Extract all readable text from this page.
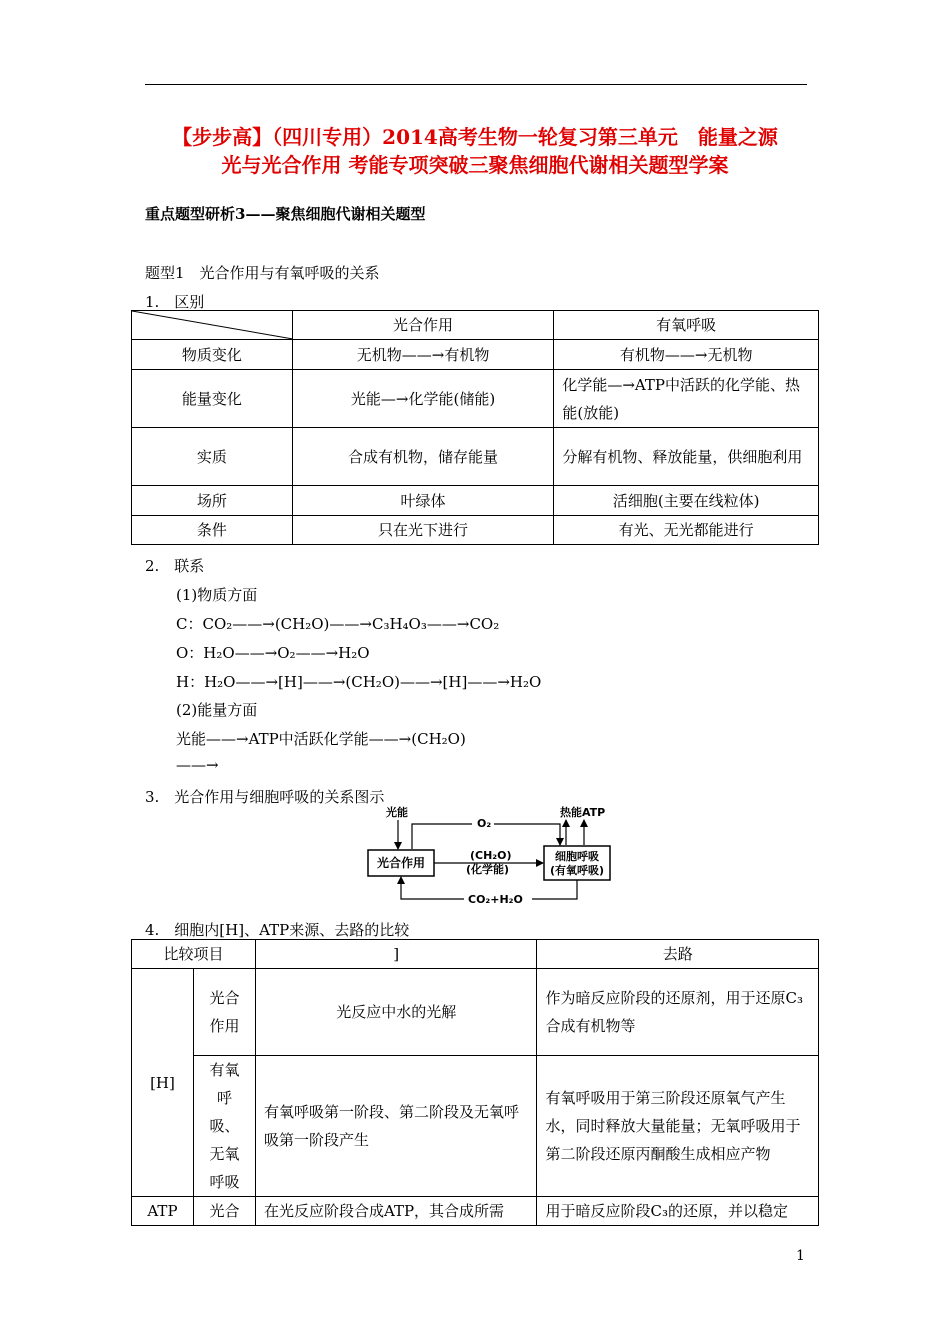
【步步高】（四川专用）2014高考生物一轮复习第三单元　能量之源
光与光合作用 考能专项突破三聚焦细胞代谢相关题型学案
重点题型研析3——聚焦细胞代谢相关题型
题型1　光合作用与有氧呼吸的关系
1.　区别
	光合作用	有氧呼吸
物质变化	无机物——→有机物	有机物——→无机物
能量变化	光能—→化学能(储能)	化学能—→ATP中活跃的化学能、热能(放能)
实质	合成有机物，储存能量	分解有机物、释放能量，供细胞利用
场所	叶绿体	活细胞(主要在线粒体)
条件	只在光下进行	有光、无光都能进行
2.　联系
(1)物质方面
C：CO₂——→(CH₂O)——→C₃H₄O₃——→CO₂
O：H₂O——→O₂——→H₂O
H：H₂O——→[H]——→(CH₂O)——→[H]——→H₂O
(2)能量方面
光能——→ATP中活跃化学能——→(CH₂O)
——→
3.　光合作用与细胞呼吸的关系图示
光能	热能ATP
O₂
(CH₂O)
(化学能)
CO₂+H₂O
光合作用	细胞呼吸
(有氧呼吸)
4.　细胞内[H]、ATP来源、去路的比较
比较项目		]	去路
[H]	光合作用	光反应中水的光解	作为暗反应阶段的还原剂，用于还原C₃合成有机物等
	有氧呼吸、无氧呼吸	有氧呼吸第一阶段、第二阶段及无氧呼吸第一阶段产生	有氧呼吸用于第三阶段还原氧气产生水，同时释放大量能量；无氧呼吸用于第二阶段还原丙酮酸生成相应产物
ATP	光合	在光反应阶段合成ATP，其合成所需	用于暗反应阶段C₃的还原，并以稳定
1
